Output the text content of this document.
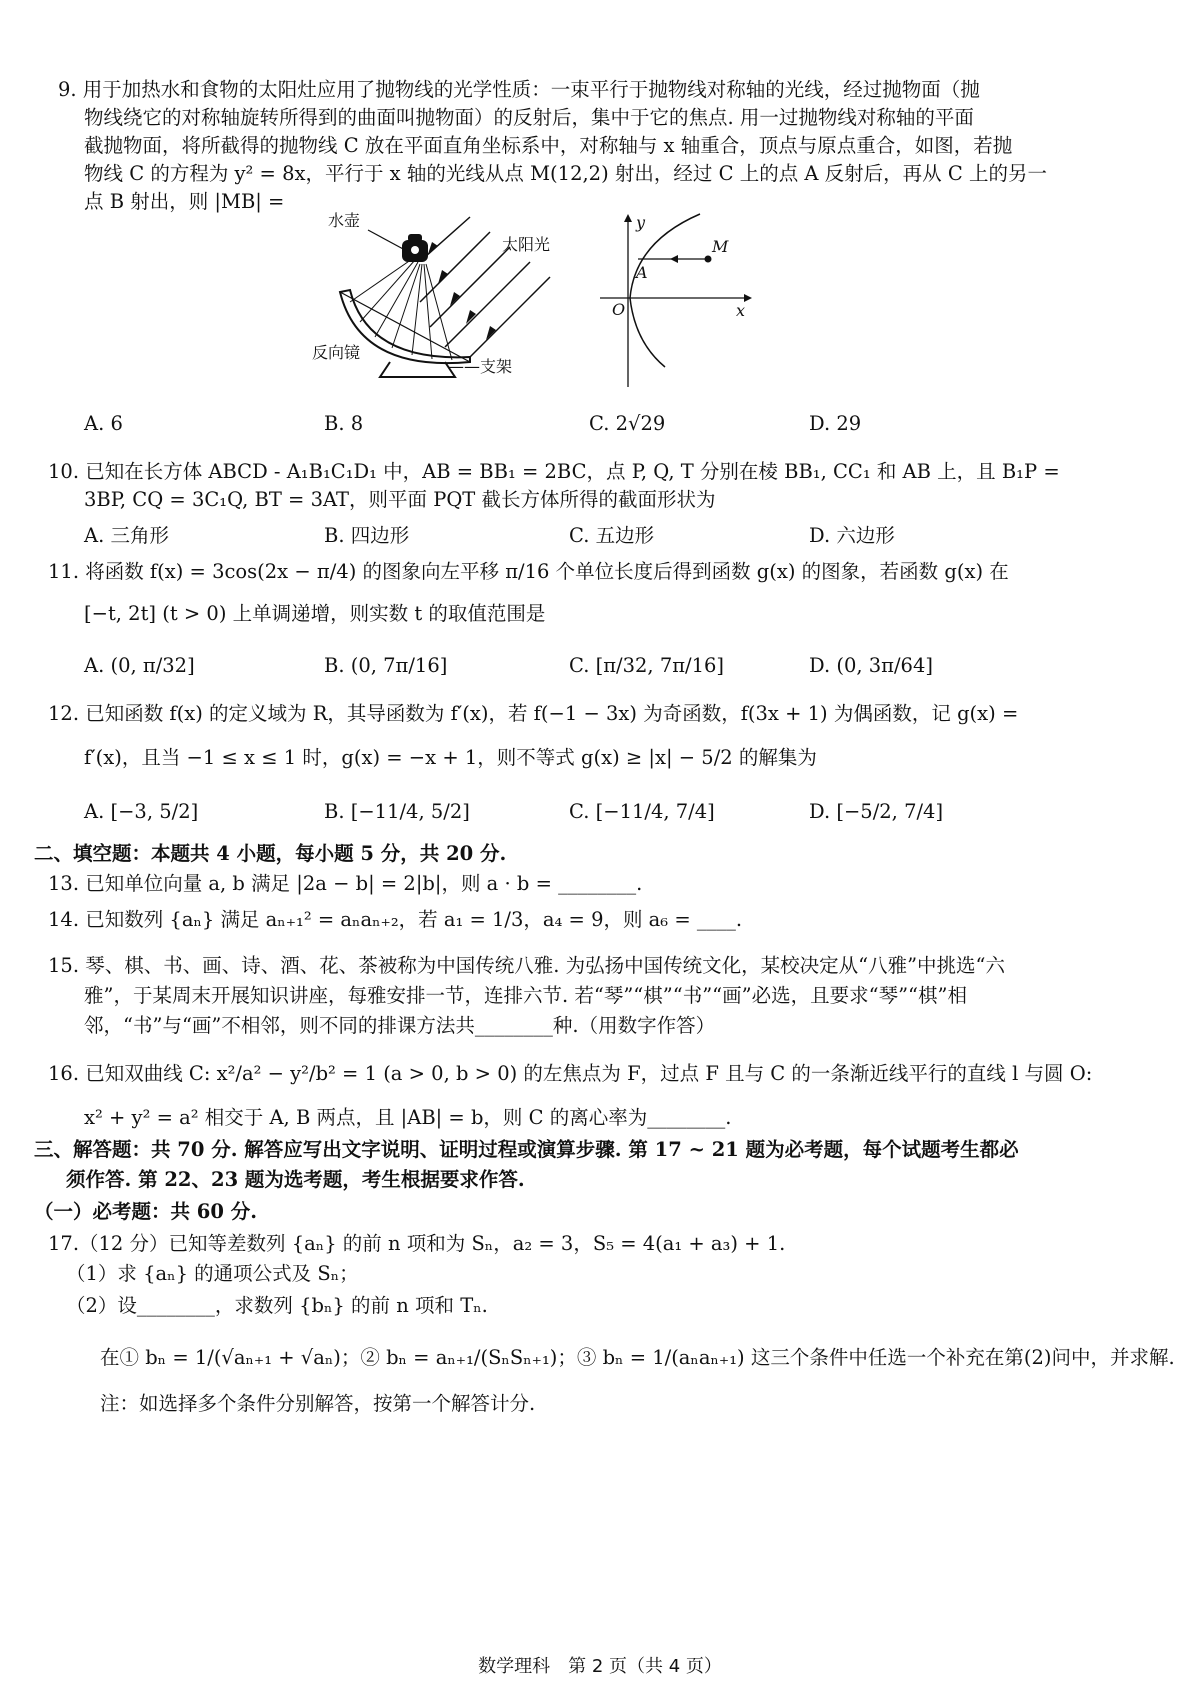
9. 用于加热水和食物的太阳灶应用了抛物线的光学性质：一束平行于抛物线对称轴的光线，经过抛物面（抛
物线绕它的对称轴旋转所得到的曲面叫抛物面）的反射后，集中于它的焦点. 用一过抛物线对称轴的平面
截抛物面，将所截得的抛物线 C 放在平面直角坐标系中，对称轴与 x 轴重合，顶点与原点重合，如图，若抛
物线 C 的方程为 y² = 8x，平行于 x 轴的光线从点 M(12,2) 射出，经过 C 上的点 A 反射后，再从 C 上的另一
点 B 射出，则 |MB| =
水壶
太阳光
反向镜
——支架
y
x
O
A
M
A. 6	B. 8	C. 2√29	D. 29
10. 已知在长方体 ABCD - A₁B₁C₁D₁ 中，AB = BB₁ = 2BC，点 P, Q, T 分别在棱 BB₁, CC₁ 和 AB 上，且 B₁P =
3BP, CQ = 3C₁Q, BT = 3AT，则平面 PQT 截长方体所得的截面形状为
A. 三角形	B. 四边形	C. 五边形	D. 六边形
11. 将函数 f(x) = 3cos(2x − π/4) 的图象向左平移 π/16 个单位长度后得到函数 g(x) 的图象，若函数 g(x) 在
[−t, 2t] (t > 0) 上单调递增，则实数 t 的取值范围是
A. (0, π/32]	B. (0, 7π/16]	C. [π/32, 7π/16]	D. (0, 3π/64]
12. 已知函数 f(x) 的定义域为 R，其导函数为 f′(x)，若 f(−1 − 3x) 为奇函数，f(3x + 1) 为偶函数，记 g(x) =
f′(x)，且当 −1 ≤ x ≤ 1 时，g(x) = −x + 1，则不等式 g(x) ≥ |x| − 5/2 的解集为
A. [−3, 5/2]	B. [−11/4, 5/2]	C. [−11/4, 7/4]	D. [−5/2, 7/4]
二、填空题：本题共 4 小题，每小题 5 分，共 20 分.
13. 已知单位向量 a, b 满足 |2a − b| = 2|b|，则 a · b = ________.
14. 已知数列 {aₙ} 满足 aₙ₊₁² = aₙaₙ₊₂，若 a₁ = 1/3，a₄ = 9，则 a₆ = ____.
15. 琴、棋、书、画、诗、酒、花、茶被称为中国传统八雅. 为弘扬中国传统文化，某校决定从“八雅”中挑选“六
雅”，于某周末开展知识讲座，每雅安排一节，连排六节. 若“琴”“棋”“书”“画”必选，且要求“琴”“棋”相
邻，“书”与“画”不相邻，则不同的排课方法共________种.（用数字作答）
16. 已知双曲线 C: x²/a² − y²/b² = 1 (a > 0, b > 0) 的左焦点为 F，过点 F 且与 C 的一条渐近线平行的直线 l 与圆 O:
x² + y² = a² 相交于 A, B 两点，且 |AB| = b，则 C 的离心率为________.
三、解答题：共 70 分. 解答应写出文字说明、证明过程或演算步骤. 第 17 ~ 21 题为必考题，每个试题考生都必
须作答. 第 22、23 题为选考题，考生根据要求作答.
（一）必考题：共 60 分.
17.（12 分）已知等差数列 {aₙ} 的前 n 项和为 Sₙ，a₂ = 3，S₅ = 4(a₁ + a₃) + 1.
（1）求 {aₙ} 的通项公式及 Sₙ；
（2）设________，求数列 {bₙ} 的前 n 项和 Tₙ.
在① bₙ = 1/(√aₙ₊₁ + √aₙ)；② bₙ = aₙ₊₁/(SₙSₙ₊₁)；③ bₙ = 1/(aₙaₙ₊₁) 这三个条件中任选一个补充在第(2)问中，并求解.
注：如选择多个条件分别解答，按第一个解答计分.
数学理科　第 2 页（共 4 页）
